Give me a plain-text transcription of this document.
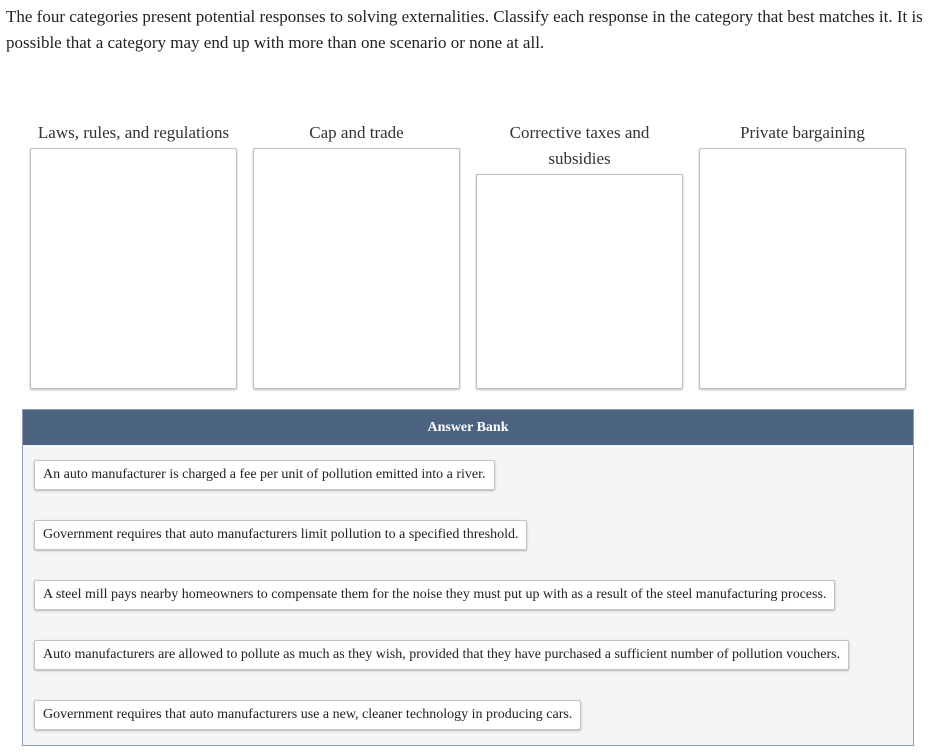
The four categories present potential responses to solving externalities. Classify each response in the category that best matches it. It is possible that a category may end up with more than one scenario or none at all.

Laws, rules, and regulations	Cap and trade	Corrective taxes and subsidies
Private bargaining
Answer Bank
An auto manufacturer is charged a fee per unit of pollution emitted into a river.
Government requires that auto manufacturers limit pollution to a specified threshold.
A steel mill pays nearby homeowners to compensate them for the noise they must put up with as a result of the steel manufacturing process.
Auto manufacturers are allowed to pollute as much as they wish, provided that they have purchased a sufficient number of pollution vouchers.
Government requires that auto manufacturers use a new, cleaner technology in producing cars.
